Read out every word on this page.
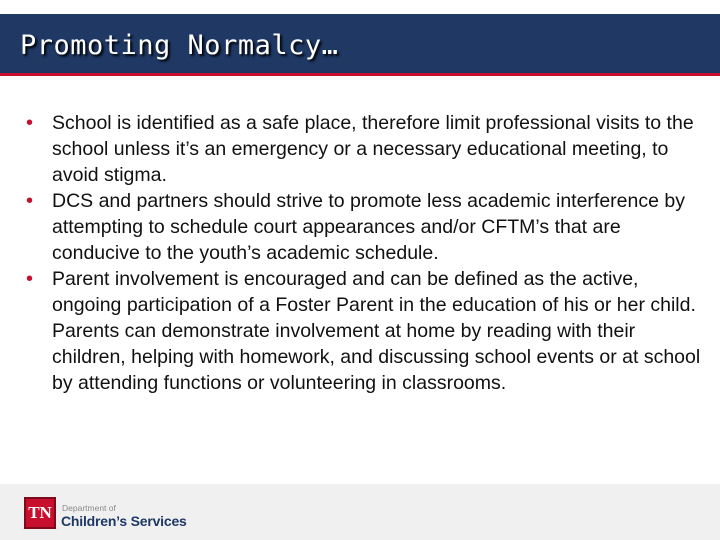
Promoting Normalcy…
• School is identified as a safe place, therefore limit professional visits to the school unless it’s an emergency or a necessary educational meeting, to avoid stigma.
• DCS and partners should strive to promote less academic interference by attempting to schedule court appearances and/or CFTM’s that are conducive to the youth’s academic schedule.
• Parent involvement is encouraged and can be defined as the active, ongoing participation of a Foster Parent in the education of his or her child. Parents can demonstrate involvement at home by reading with their children, helping with homework, and discussing school events or at school by attending functions or volunteering in classrooms.
TN	Department of
Children’s Services
